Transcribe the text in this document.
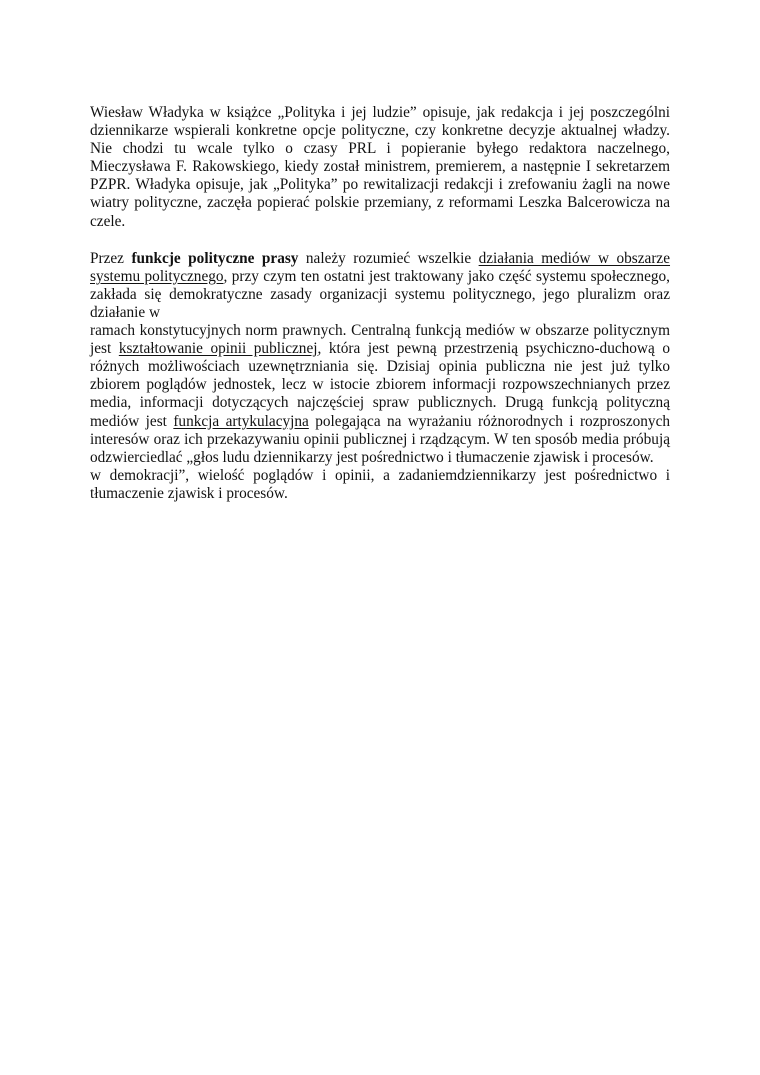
Wiesław Władyka w książce „Polityka i jej ludzie” opisuje, jak redakcja i jej poszczególni dziennikarze wspierali konkretne opcje polityczne, czy konkretne decyzje aktualnej władzy. Nie chodzi tu wcale tylko o czasy PRL i popieranie byłego redaktora naczelnego, Mieczysława F. Rakowskiego, kiedy został ministrem, premierem, a następnie I sekretarzem PZPR. Władyka opisuje, jak „Polityka” po rewitalizacji redakcji i zrefowaniu żagli na nowe wiatry polityczne, zaczęła popierać polskie przemiany, z reformami Leszka Balcerowicza na czele.

Przez funkcje polityczne prasy należy rozumieć wszelkie działania mediów w obszarze systemu politycznego, przy czym ten ostatni jest traktowany jako część systemu społecznego, zakłada się demokratyczne zasady organizacji systemu politycznego, jego pluralizm oraz działanie w
ramach konstytucyjnych norm prawnych. Centralną funkcją mediów w obszarze politycznym jest kształtowanie opinii publicznej, która jest pewną przestrzenią psychiczno-duchową o różnych możliwościach uzewnętrzniania się. Dzisiaj opinia publiczna nie jest już tylko zbiorem poglądów jednostek, lecz w istocie zbiorem informacji rozpowszechnianych przez media, informacji dotyczących najczęściej spraw publicznych. Drugą funkcją polityczną mediów jest funkcja artykulacyjna polegająca na wyrażaniu różnorodnych i rozproszonych interesów oraz ich przekazywaniu opinii publicznej i rządzącym. W ten sposób media próbują odzwierciedlać „głos ludu dziennikarzy jest pośrednictwo i tłumaczenie zjawisk i procesów.
w demokracji”, wielość poglądów i opinii, a zadaniemdziennikarzy jest pośrednictwo i tłumaczenie zjawisk i procesów.
